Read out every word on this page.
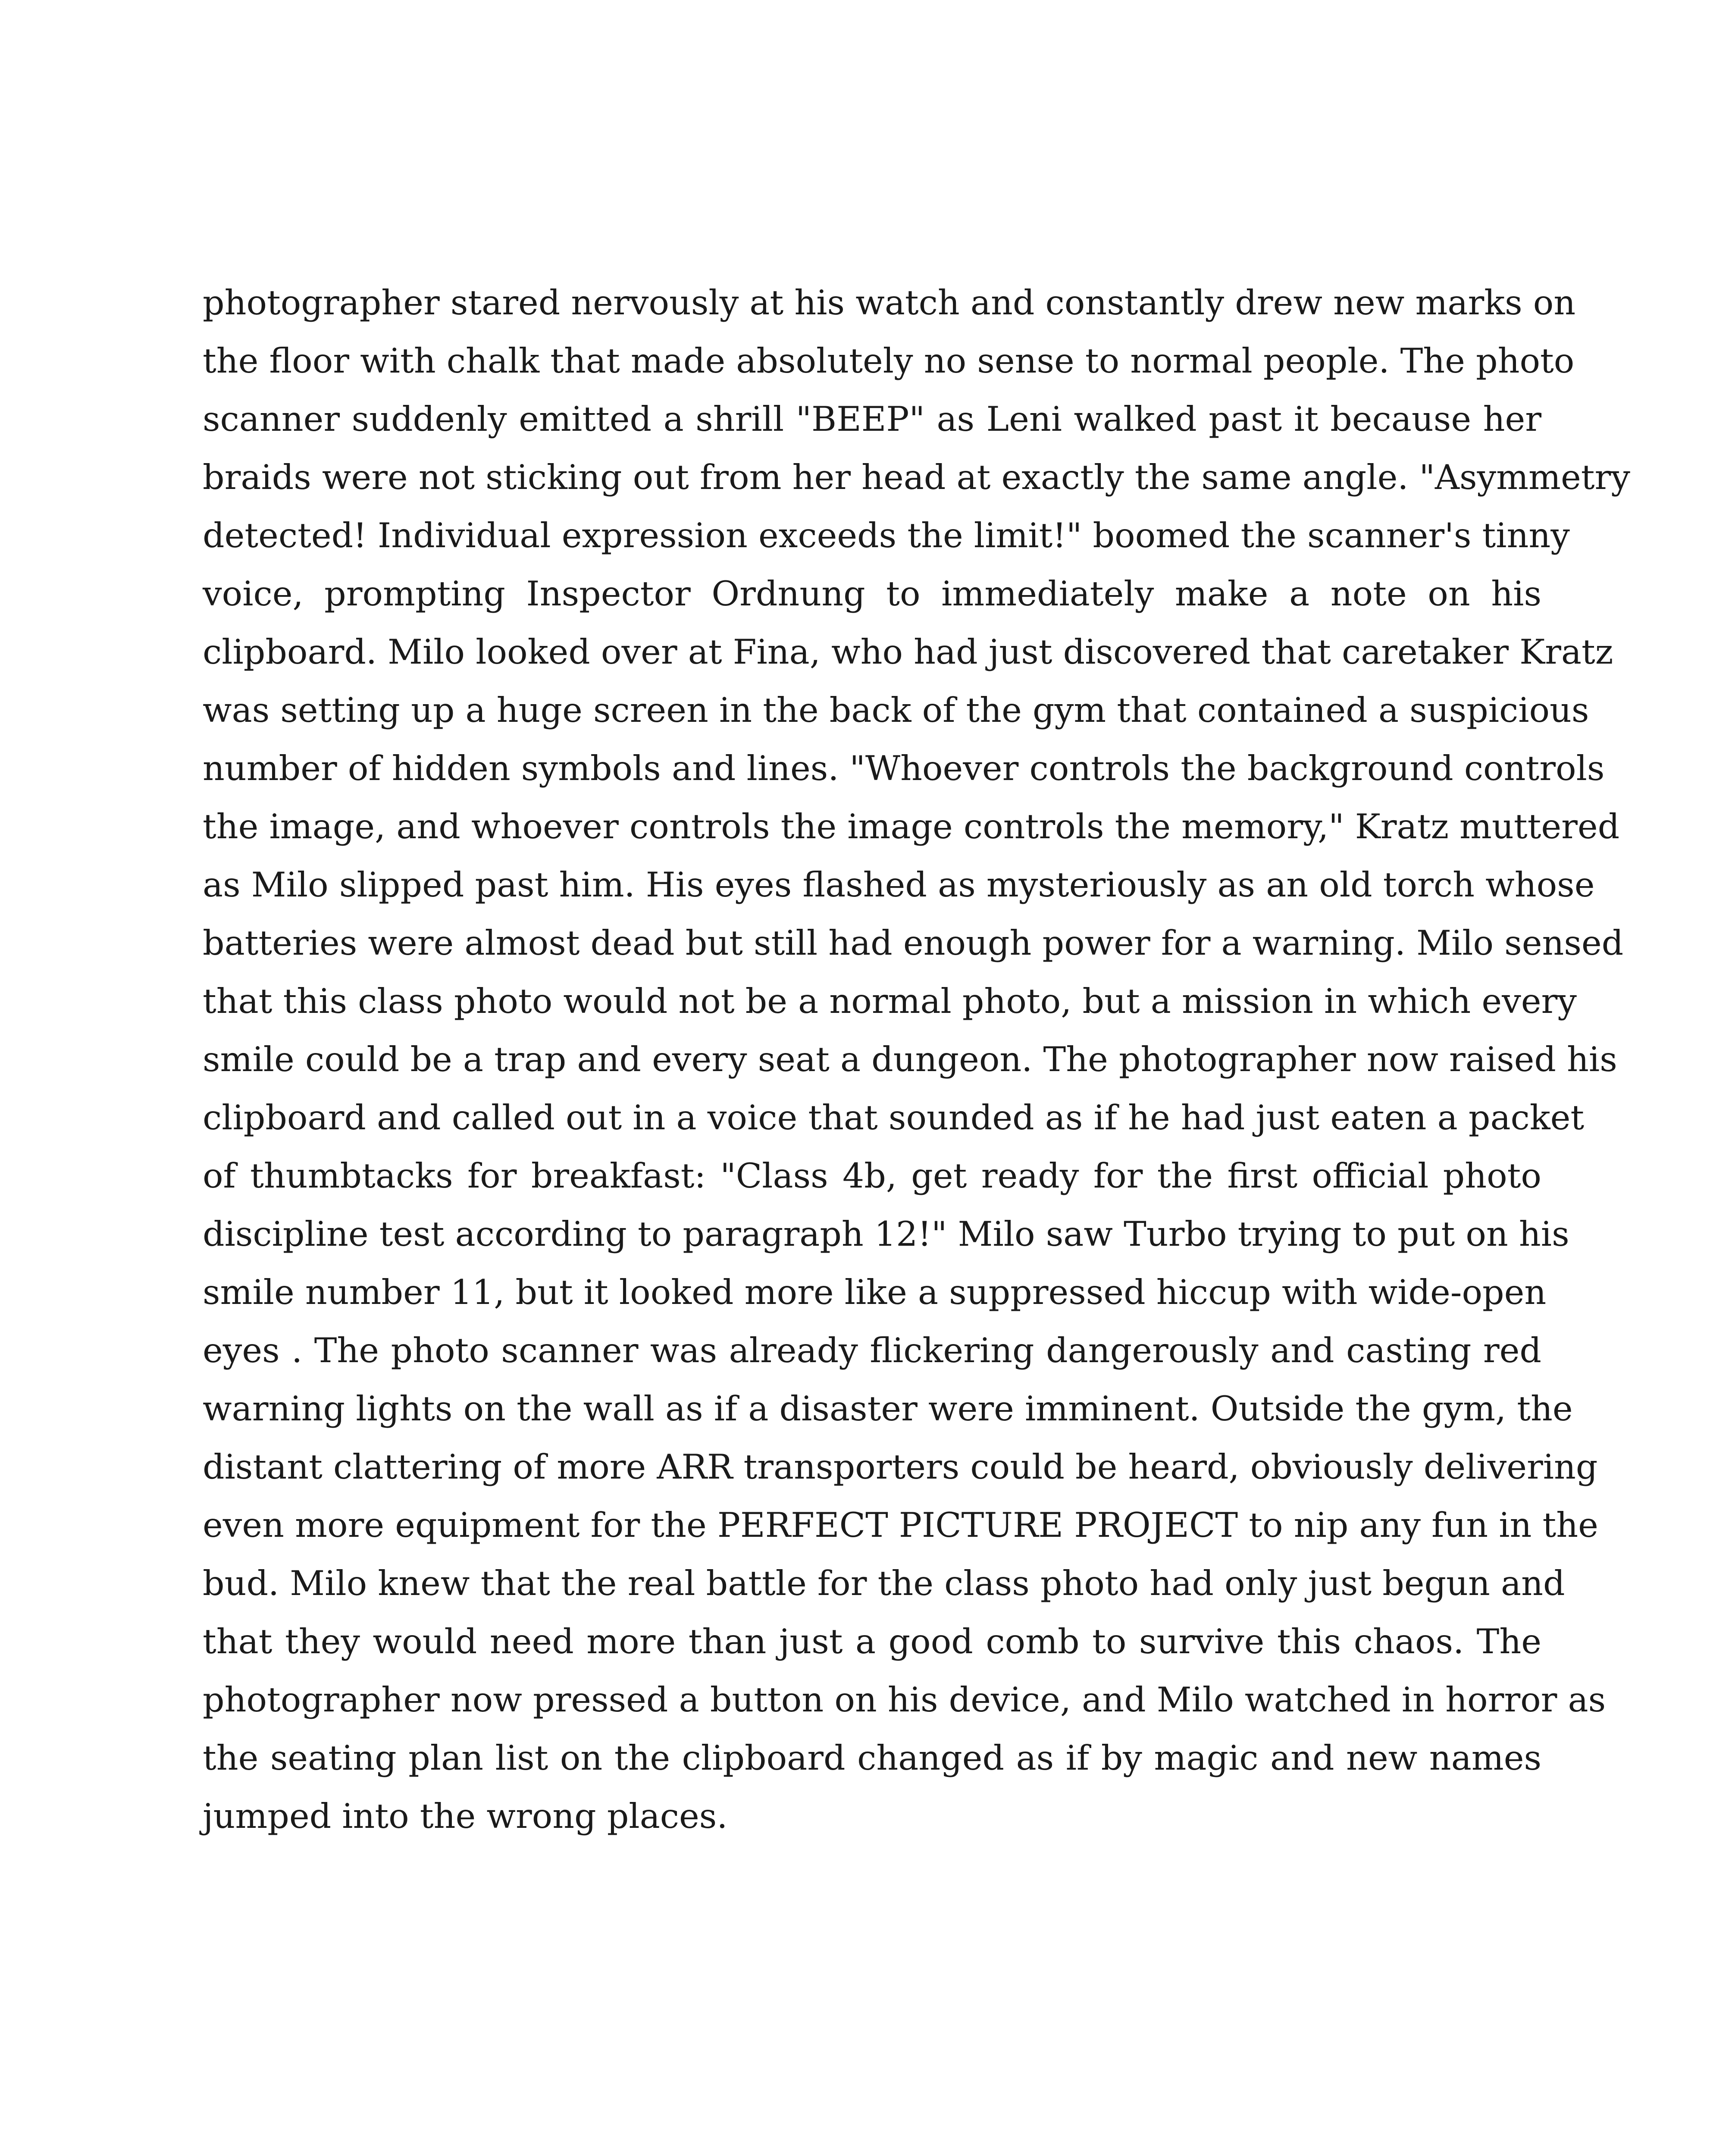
photographer stared nervously at his watch and constantly drew new marks on
the floor with chalk that made absolutely no sense to normal people. The photo
scanner suddenly emitted a shrill "BEEP" as Leni walked past it because her
braids were not sticking out from her head at exactly the same angle. "Asymmetry
detected! Individual expression exceeds the limit!" boomed the scanner's tinny
voice, prompting Inspector Ordnung to immediately make a note on his
clipboard. Milo looked over at Fina, who had just discovered that caretaker Kratz
was setting up a huge screen in the back of the gym that contained a suspicious
number of hidden symbols and lines. "Whoever controls the background controls
the image, and whoever controls the image controls the memory," Kratz muttered
as Milo slipped past him. His eyes flashed as mysteriously as an old torch whose
batteries were almost dead but still had enough power for a warning. Milo sensed
that this class photo would not be a normal photo, but a mission in which every
smile could be a trap and every seat a dungeon. The photographer now raised his
clipboard and called out in a voice that sounded as if he had just eaten a packet
of thumbtacks for breakfast: "Class 4b, get ready for the first official photo
discipline test according to paragraph 12!" Milo saw Turbo trying to put on his
smile number 11, but it looked more like a suppressed hiccup with wide-open
eyes . The photo scanner was already flickering dangerously and casting red
warning lights on the wall as if a disaster were imminent. Outside the gym, the
distant clattering of more ARR transporters could be heard, obviously delivering
even more equipment for the PERFECT PICTURE PROJECT to nip any fun in the
bud. Milo knew that the real battle for the class photo had only just begun and
that they would need more than just a good comb to survive this chaos. The
photographer now pressed a button on his device, and Milo watched in horror as
the seating plan list on the clipboard changed as if by magic and new names
jumped into the wrong places.
